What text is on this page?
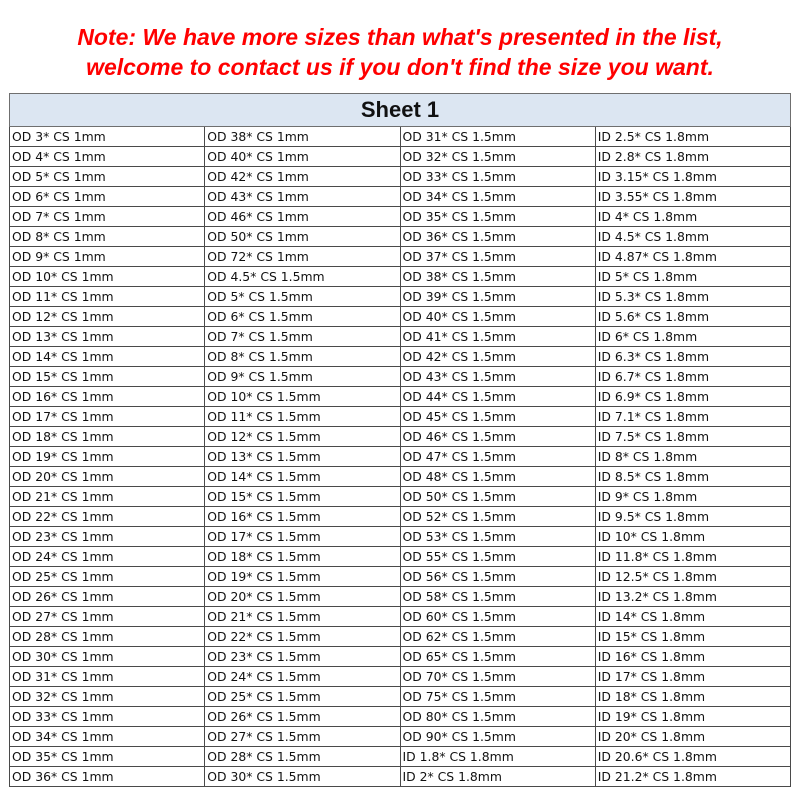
Note: We have more sizes than what's presented in the list,
welcome to contact us if you don't find the size you want.
Sheet 1			
OD 3* CS 1mm	OD 38* CS 1mm	OD 31* CS 1.5mm	ID 2.5* CS 1.8mm
OD 4* CS 1mm	OD 40* CS 1mm	OD 32* CS 1.5mm	ID 2.8* CS 1.8mm
OD 5* CS 1mm	OD 42* CS 1mm	OD 33* CS 1.5mm	ID 3.15* CS 1.8mm
OD 6* CS 1mm	OD 43* CS 1mm	OD 34* CS 1.5mm	ID 3.55* CS 1.8mm
OD 7* CS 1mm	OD 46* CS 1mm	OD 35* CS 1.5mm	ID 4* CS 1.8mm
OD 8* CS 1mm	OD 50* CS 1mm	OD 36* CS 1.5mm	ID 4.5* CS 1.8mm
OD 9* CS 1mm	OD 72* CS 1mm	OD 37* CS 1.5mm	ID 4.87* CS 1.8mm
OD 10* CS 1mm	OD 4.5* CS 1.5mm	OD 38* CS 1.5mm	ID 5* CS 1.8mm
OD 11* CS 1mm	OD 5* CS 1.5mm	OD 39* CS 1.5mm	ID 5.3* CS 1.8mm
OD 12* CS 1mm	OD 6* CS 1.5mm	OD 40* CS 1.5mm	ID 5.6* CS 1.8mm
OD 13* CS 1mm	OD 7* CS 1.5mm	OD 41* CS 1.5mm	ID 6* CS 1.8mm
OD 14* CS 1mm	OD 8* CS 1.5mm	OD 42* CS 1.5mm	ID 6.3* CS 1.8mm
OD 15* CS 1mm	OD 9* CS 1.5mm	OD 43* CS 1.5mm	ID 6.7* CS 1.8mm
OD 16* CS 1mm	OD 10* CS 1.5mm	OD 44* CS 1.5mm	ID 6.9* CS 1.8mm
OD 17* CS 1mm	OD 11* CS 1.5mm	OD 45* CS 1.5mm	ID 7.1* CS 1.8mm
OD 18* CS 1mm	OD 12* CS 1.5mm	OD 46* CS 1.5mm	ID 7.5* CS 1.8mm
OD 19* CS 1mm	OD 13* CS 1.5mm	OD 47* CS 1.5mm	ID 8* CS 1.8mm
OD 20* CS 1mm	OD 14* CS 1.5mm	OD 48* CS 1.5mm	ID 8.5* CS 1.8mm
OD 21* CS 1mm	OD 15* CS 1.5mm	OD 50* CS 1.5mm	ID 9* CS 1.8mm
OD 22* CS 1mm	OD 16* CS 1.5mm	OD 52* CS 1.5mm	ID 9.5* CS 1.8mm
OD 23* CS 1mm	OD 17* CS 1.5mm	OD 53* CS 1.5mm	ID 10* CS 1.8mm
OD 24* CS 1mm	OD 18* CS 1.5mm	OD 55* CS 1.5mm	ID 11.8* CS 1.8mm
OD 25* CS 1mm	OD 19* CS 1.5mm	OD 56* CS 1.5mm	ID 12.5* CS 1.8mm
OD 26* CS 1mm	OD 20* CS 1.5mm	OD 58* CS 1.5mm	ID 13.2* CS 1.8mm
OD 27* CS 1mm	OD 21* CS 1.5mm	OD 60* CS 1.5mm	ID 14* CS 1.8mm
OD 28* CS 1mm	OD 22* CS 1.5mm	OD 62* CS 1.5mm	ID 15* CS 1.8mm
OD 30* CS 1mm	OD 23* CS 1.5mm	OD 65* CS 1.5mm	ID 16* CS 1.8mm
OD 31* CS 1mm	OD 24* CS 1.5mm	OD 70* CS 1.5mm	ID 17* CS 1.8mm
OD 32* CS 1mm	OD 25* CS 1.5mm	OD 75* CS 1.5mm	ID 18* CS 1.8mm
OD 33* CS 1mm	OD 26* CS 1.5mm	OD 80* CS 1.5mm	ID 19* CS 1.8mm
OD 34* CS 1mm	OD 27* CS 1.5mm	OD 90* CS 1.5mm	ID 20* CS 1.8mm
OD 35* CS 1mm	OD 28* CS 1.5mm	ID 1.8* CS 1.8mm	ID 20.6* CS 1.8mm
OD 36* CS 1mm	OD 30* CS 1.5mm	ID 2* CS 1.8mm	ID 21.2* CS 1.8mm
